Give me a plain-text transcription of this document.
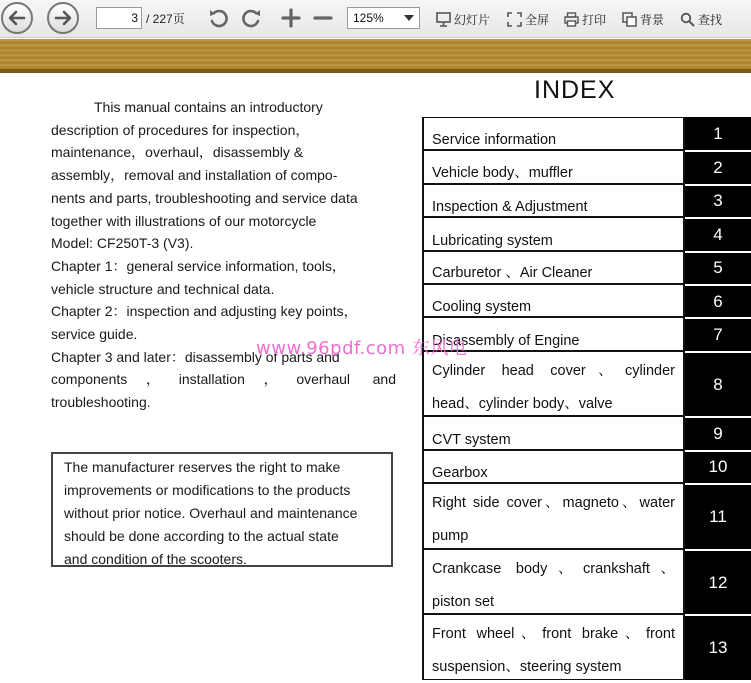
3
/ 227页	125%	幻灯片	全屏	打印	背景	查找

This manual contains an introductory

description of procedures for inspection，

maintenance，overhaul，disassembly &

assembly，removal and installation of compo-

nents and parts, troubleshooting and service data

together with illustrations of our motorcycle

Model: CF250T-3 (V3).

Chapter 1：general service information, tools，

vehicle structure and technical data.

Chapter 2：inspection and adjusting key points，

service guide.

Chapter 3 and later：disassembly of parts and

components，installation，overhaul and

troubleshooting.

The manufacturer reserves the right to make
improvements or modifications to the products
without prior notice. Overhaul and maintenance
should be done according to the actual state
and condition of the scooters.
INDEX
Service information	1
Vehicle body、muffler	2
Inspection & Adjustment	3
Lubricating system	4
Carburetor 、Air Cleaner	5
Cooling system	6
Disassembly of Engine	7
Cylinder head cover、cylinder
head、cylinder body、valve
8
CVT system	9
Gearbox	10
Right side cover、magneto、water
pump
11
Crankcase body、crankshaft、
piston set
12
Front wheel、front brake、front
suspension、steering system
13
www.96pdf.com 东风电
